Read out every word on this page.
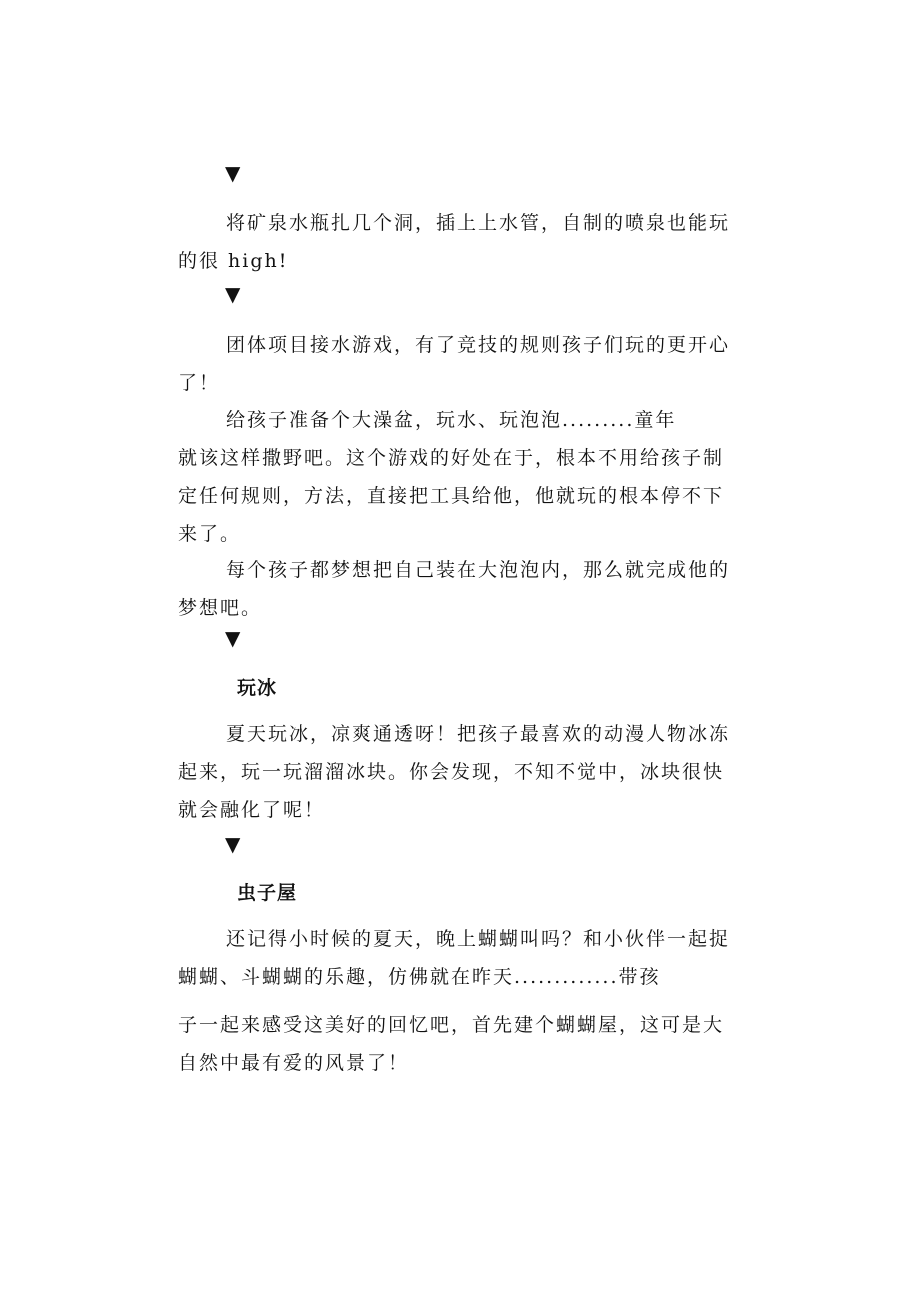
▼
将矿泉水瓶扎几个洞，插上上水管，自制的喷泉也能玩
的很 high!
▼
团体项目接水游戏，有了竞技的规则孩子们玩的更开心
了！
给孩子准备个大澡盆，玩水、玩泡泡.........童年
就该这样撒野吧。这个游戏的好处在于，根本不用给孩子制
定任何规则，方法，直接把工具给他，他就玩的根本停不下
来了。
每个孩子都梦想把自己装在大泡泡内，那么就完成他的
梦想吧。
▼
玩冰
夏天玩冰，凉爽通透呀！把孩子最喜欢的动漫人物冰冻
起来，玩一玩溜溜冰块。你会发现，不知不觉中，冰块很快
就会融化了呢！
▼
虫子屋
还记得小时候的夏天，晚上蝴蝴叫吗？和小伙伴一起捉
蝴蝴、斗蝴蝴的乐趣，仿佛就在昨天.............带孩
子一起来感受这美好的回忆吧，首先建个蝴蝴屋，这可是大
自然中最有爱的风景了！
